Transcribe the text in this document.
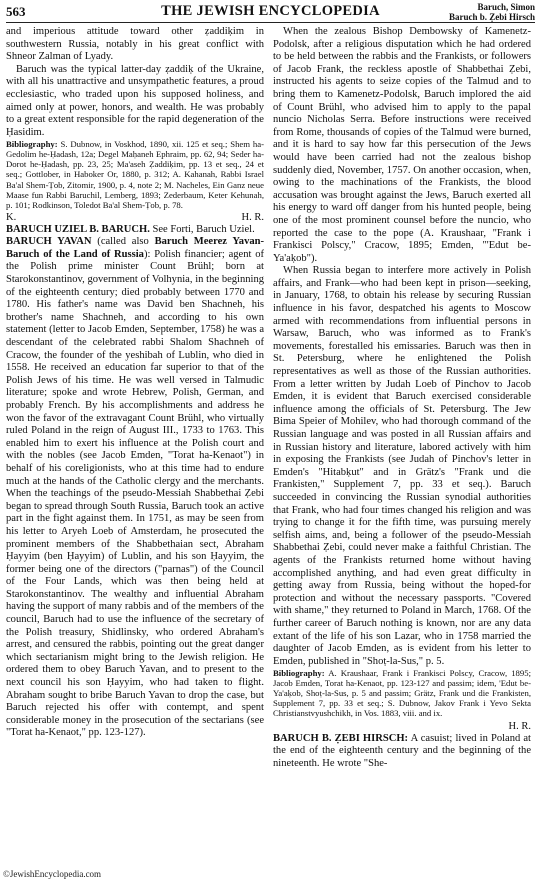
563	THE JEWISH ENCYCLOPEDIA	Baruch, Simon
Baruch b. Ẓebi Hirsch

and imperious attitude toward other ẓaddiḳim in southwestern Russia, notably in his great conflict with Shneor Zalman of Lyady.

Baruch was the typical latter-day ẓaddiḳ of the Ukraine, with all his unattractive and unsympathetic features, a proud ecclesiastic, who traded upon his supposed holiness, and aimed only at power, honors, and wealth. He was probably to a great extent responsible for the rapid degeneration of the Ḥasidim.

Bibliography: S. Dubnow, in Voskhod, 1890, xii. 125 et seq.; Shem ha-Gedolim he-Ḥadash, 12a; Degel Maḥaneh Ephraim, pp. 62, 94; Seder ha-Dorot he-Ḥadash, pp. 23, 25; Ma'aseh Ẓaddiḳim, pp. 13 et seq., 24 et seq.; Gottlober, in Haboker Or, 1880, p. 312; A. Kahanah, Rabbi Israel Ba'al Shem-Ṭob, Zitomir, 1900, p. 4, note 2; M. Nacheles, Ein Ganz neue Maase fun Rabbi Baruchil, Lemberg, 1893; Zederbaum, Keter Kehunah, p. 101; Rodkinson, Toledot Ba'al Shem-Ṭob, p. 78.

K.	H. R.

BARUCH UZIEL B. BARUCH. See Forti, Baruch Uziel.

BARUCH YAVAN (called also Baruch Meerez Yavan-Baruch of the Land of Russia): Polish financier; agent of the Polish prime minister Count Brühl; born at Starokonstantinov, government of Volhynia, in the beginning of the eighteenth century; died probably between 1770 and 1780. His father's name was David ben Shachneh, his brother's name Shachneh, and according to his own statement (letter to Jacob Emden, September, 1758) he was a descendant of the celebrated rabbi Shalom Shachneh of Cracow, the founder of the yeshibah of Lublin, who died in 1558. He received an education far superior to that of the Polish Jews of his time. He was well versed in Talmudic literature; spoke and wrote Hebrew, Polish, German, and probably French. By his accomplishments and address he won the favor of the extravagant Count Brühl, who virtually ruled Poland in the reign of August III., 1733 to 1763. This enabled him to exert his influence at the Polish court and with the nobles (see Jacob Emden, "Torat ha-Kenaot") in behalf of his coreligionists, who at this time had to endure much at the hands of the Catholic clergy and the merchants. When the teachings of the pseudo-Messiah Shabbethai Ẓebi began to spread through South Russia, Baruch took an active part in the fight against them. In 1751, as may be seen from his letter to Aryeh Loeb of Amsterdam, he prosecuted the prominent members of the Shabbethaian sect, Abraham Ḥayyim (ben Ḥayyim) of Lublin, and his son Ḥayyim, the former being one of the directors ("parnas") of the Council of the Four Lands, which was then being held at Starokonstantinov. The wealthy and influential Abraham having the support of many rabbis and of the members of the council, Baruch had to use the influence of the secretary of the Polish treasury, Shidlinsky, who ordered Abraham's arrest, and censured the rabbis, pointing out the great danger which sectarianism might bring to the Jewish religion. He ordered them to obey Baruch Yavan, and to present to the next council his son Ḥayyim, who had taken to flight. Abraham sought to bribe Baruch Yavan to drop the case, but Baruch rejected his offer with contempt, and spent considerable money in the prosecution of the sectarians (see "Torat ha-Kenaot," pp. 123-127).

When the zealous Bishop Dembowsky of Kamenetz-Podolsk, after a religious disputation which he had ordered to be held between the rabbis and the Frankists, or followers of Jacob Frank, the reckless apostle of Shabbethai Ẓebi, instructed his agents to seize copies of the Talmud and to bring them to Kamenetz-Podolsk, Baruch implored the aid of Count Brühl, who advised him to apply to the papal nuncio Nicholas Serra. Before instructions were received from Rome, thousands of copies of the Talmud were burned, and it is hard to say how far this persecution of the Jews would have been carried had not the zealous bishop suddenly died, November, 1757. On another occasion, when, owing to the machinations of the Frankists, the blood accusation was brought against the Jews, Baruch exerted all his energy to ward off danger from his hunted people, being one of the most prominent counsel before the nuncio, who reported the case to the pope (A. Kraushaar, "Frank i Frankisci Polscy," Cracow, 1895; Emden, "'Edut be-Ya'aḳob").

When Russia began to interfere more actively in Polish affairs, and Frank—who had been kept in prison—seeking, in January, 1768, to obtain his release by securing Russian influence in his favor, despatched his agents to Moscow armed with recommendations from influential persons in Warsaw, Baruch, who was informed as to Frank's movements, forestalled his emissaries. Baruch was then in St. Petersburg, where he enlightened the Polish representatives as well as those of the Russian authorities. From a letter written by Judah Loeb of Pinchov to Jacob Emden, it is evident that Baruch exercised considerable influence among the officials of St. Petersburg. The Jew Bima Speier of Mohilev, who had thorough command of the Russian language and was posted in all Russian affairs and in Russian history and literature, labored actively with him in exposing the Frankists (see Judah of Pinchov's letter in Emden's "Hitabḳut" and in Grätz's "Frank und die Frankisten," Supplement 7, pp. 33 et seq.). Baruch succeeded in convincing the Russian synodial authorities that Frank, who had four times changed his religion and was trying to change it for the fifth time, was pursuing merely selfish aims, and, being a follower of the pseudo-Messiah Shabbethai Ẓebi, could never make a faithful Christian. The agents of the Frankists returned home without having accomplished anything, and had even great difficulty in getting away from Russia, being without the hoped-for protection and without the necessary passports. "Covered with shame," they returned to Poland in March, 1768. Of the further career of Baruch nothing is known, nor are any data extant of the life of his son Lazar, who in 1758 married the daughter of Jacob Emden, as is evident from his letter to Emden, published in "Shoṭ-la-Sus," p. 5.

Bibliography: A. Kraushaar, Frank i Frankisci Polscy, Cracow, 1895; Jacob Emden, Torat ha-Kenaot, pp. 123-127 and passim; idem, 'Edut be-Ya'aḳob, Shoṭ-la-Sus, p. 5 and passim; Grätz, Frank und die Frankisten, Supplement 7, pp. 33 et seq.; S. Dubnow, Jakov Frank i Yevo Sekta Christianstvyushchikh, in Vos. 1883, viii. and ix.

H. R.

BARUCH B. ẒEBI HIRSCH: A casuist; lived in Poland at the end of the eighteenth century and the beginning of the nineteenth. He wrote "She-

©JewishEncyclopedia.com
